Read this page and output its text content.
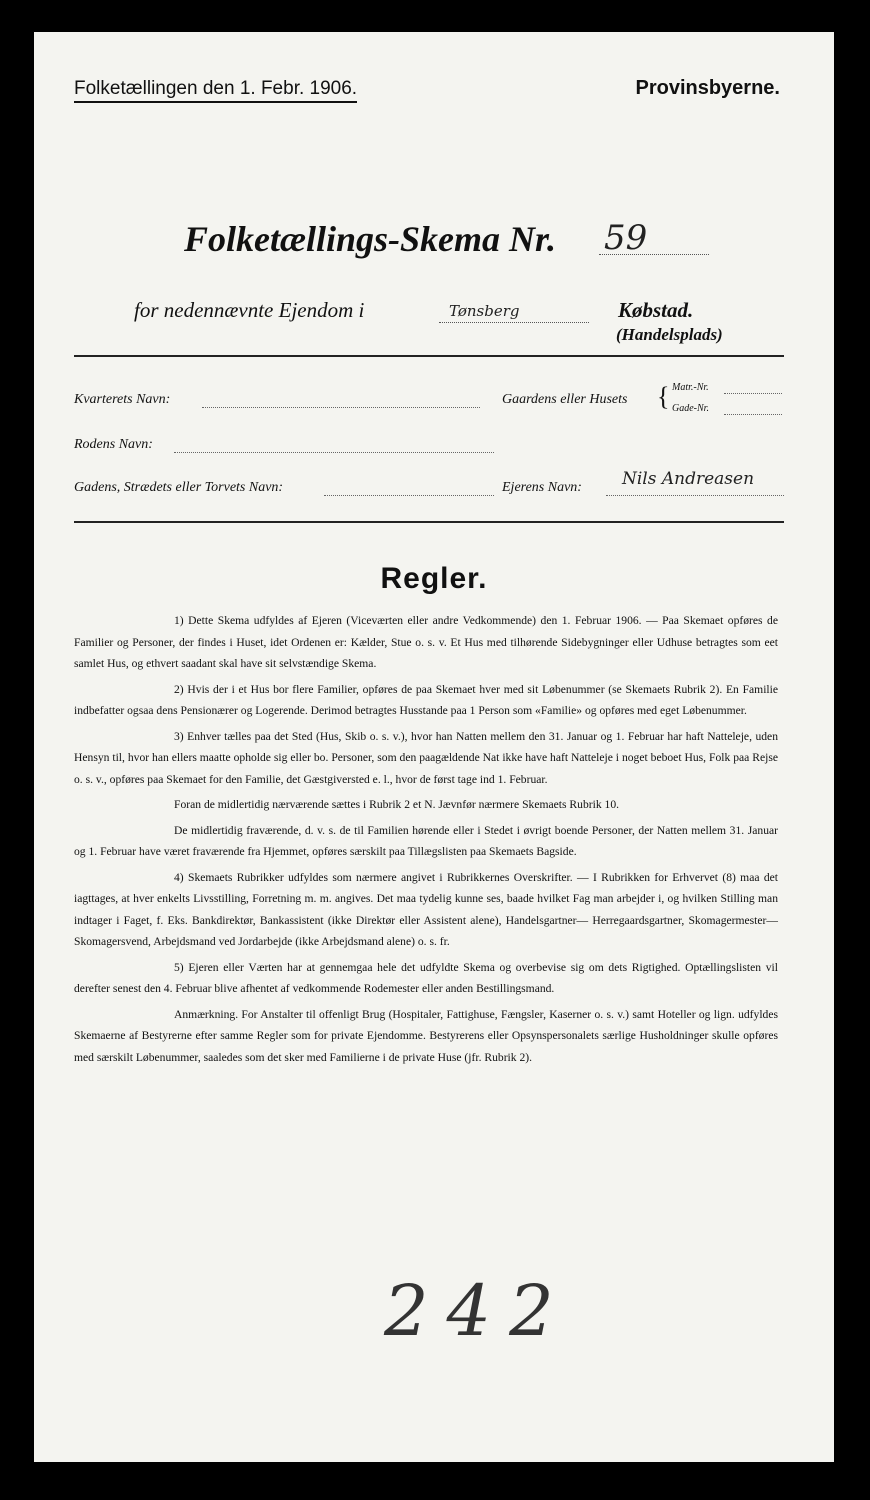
Folketællingen den 1. Febr. 1906.	Provinsbyerne.
Folketællings-Skema Nr. 59
for nedennævnte Ejendom i	Tønsberg	Købstad.
(Handelsplads)
Kvarterets Navn:	Gaardens eller Husets { Matr.-Nr.
Gade-Nr.
Rodens Navn:
Gadens, Strædets eller Torvets Navn:	Ejerens Navn: Nils Andreasen
Regler.

1) Dette Skema udfyldes af Ejeren (Viceværten eller andre Vedkommende) den 1. Februar 1906. — Paa Skemaet opføres de Familier og Personer, der findes i Huset, idet Ordenen er: Kælder, Stue o. s. v. Et Hus med tilhørende Sidebygninger eller Udhuse betragtes som eet samlet Hus, og ethvert saadant skal have sit selvstændige Skema.

2) Hvis der i et Hus bor flere Familier, opføres de paa Skemaet hver med sit Løbenummer (se Skemaets Rubrik 2). En Familie indbefatter ogsaa dens Pensionærer og Logerende. Derimod betragtes Husstande paa 1 Person som «Familie» og opføres med eget Løbenummer.

3) Enhver tælles paa det Sted (Hus, Skib o. s. v.), hvor han Natten mellem den 31. Januar og 1. Februar har haft Natteleje, uden Hensyn til, hvor han ellers maatte opholde sig eller bo. Personer, som den paagældende Nat ikke have haft Natteleje i noget beboet Hus, Folk paa Rejse o. s. v., opføres paa Skemaet for den Familie, det Gæstgiversted e. l., hvor de først tage ind 1. Februar.

Foran de midlertidig nærværende sættes i Rubrik 2 et N. Jævnfør nærmere Skemaets Rubrik 10.

De midlertidig fraværende, d. v. s. de til Familien hørende eller i Stedet i øvrigt boende Personer, der Natten mellem 31. Januar og 1. Februar have været fraværende fra Hjemmet, opføres særskilt paa Tillægslisten paa Skemaets Bagside.

4) Skemaets Rubrikker udfyldes som nærmere angivet i Rubrikkernes Overskrifter. — I Rubrikken for Erhvervet (8) maa det iagttages, at hver enkelts Livsstilling, Forretning m. m. angives. Det maa tydelig kunne ses, baade hvilket Fag man arbejder i, og hvilken Stilling man indtager i Faget, f. Eks. Bankdirektør, Bankassistent (ikke Direktør eller Assistent alene), Handelsgartner— Herregaardsgartner, Skomagermester—Skomagersvend, Arbejdsmand ved Jordarbejde (ikke Arbejdsmand alene) o. s. fr.

5) Ejeren eller Værten har at gennemgaa hele det udfyldte Skema og overbevise sig om dets Rigtighed. Optællingslisten vil derefter senest den 4. Februar blive afhentet af vedkommende Rodemester eller anden Bestillingsmand.

Anmærkning. For Anstalter til offenligt Brug (Hospitaler, Fattighuse, Fængsler, Kaserner o. s. v.) samt Hoteller og lign. udfyldes Skemaerne af Bestyrerne efter samme Regler som for private Ejendomme. Bestyrerens eller Opsynspersonalets særlige Husholdninger skulle opføres med særskilt Løbenummer, saaledes som det sker med Familierne i de private Huse (jfr. Rubrik 2).

242
